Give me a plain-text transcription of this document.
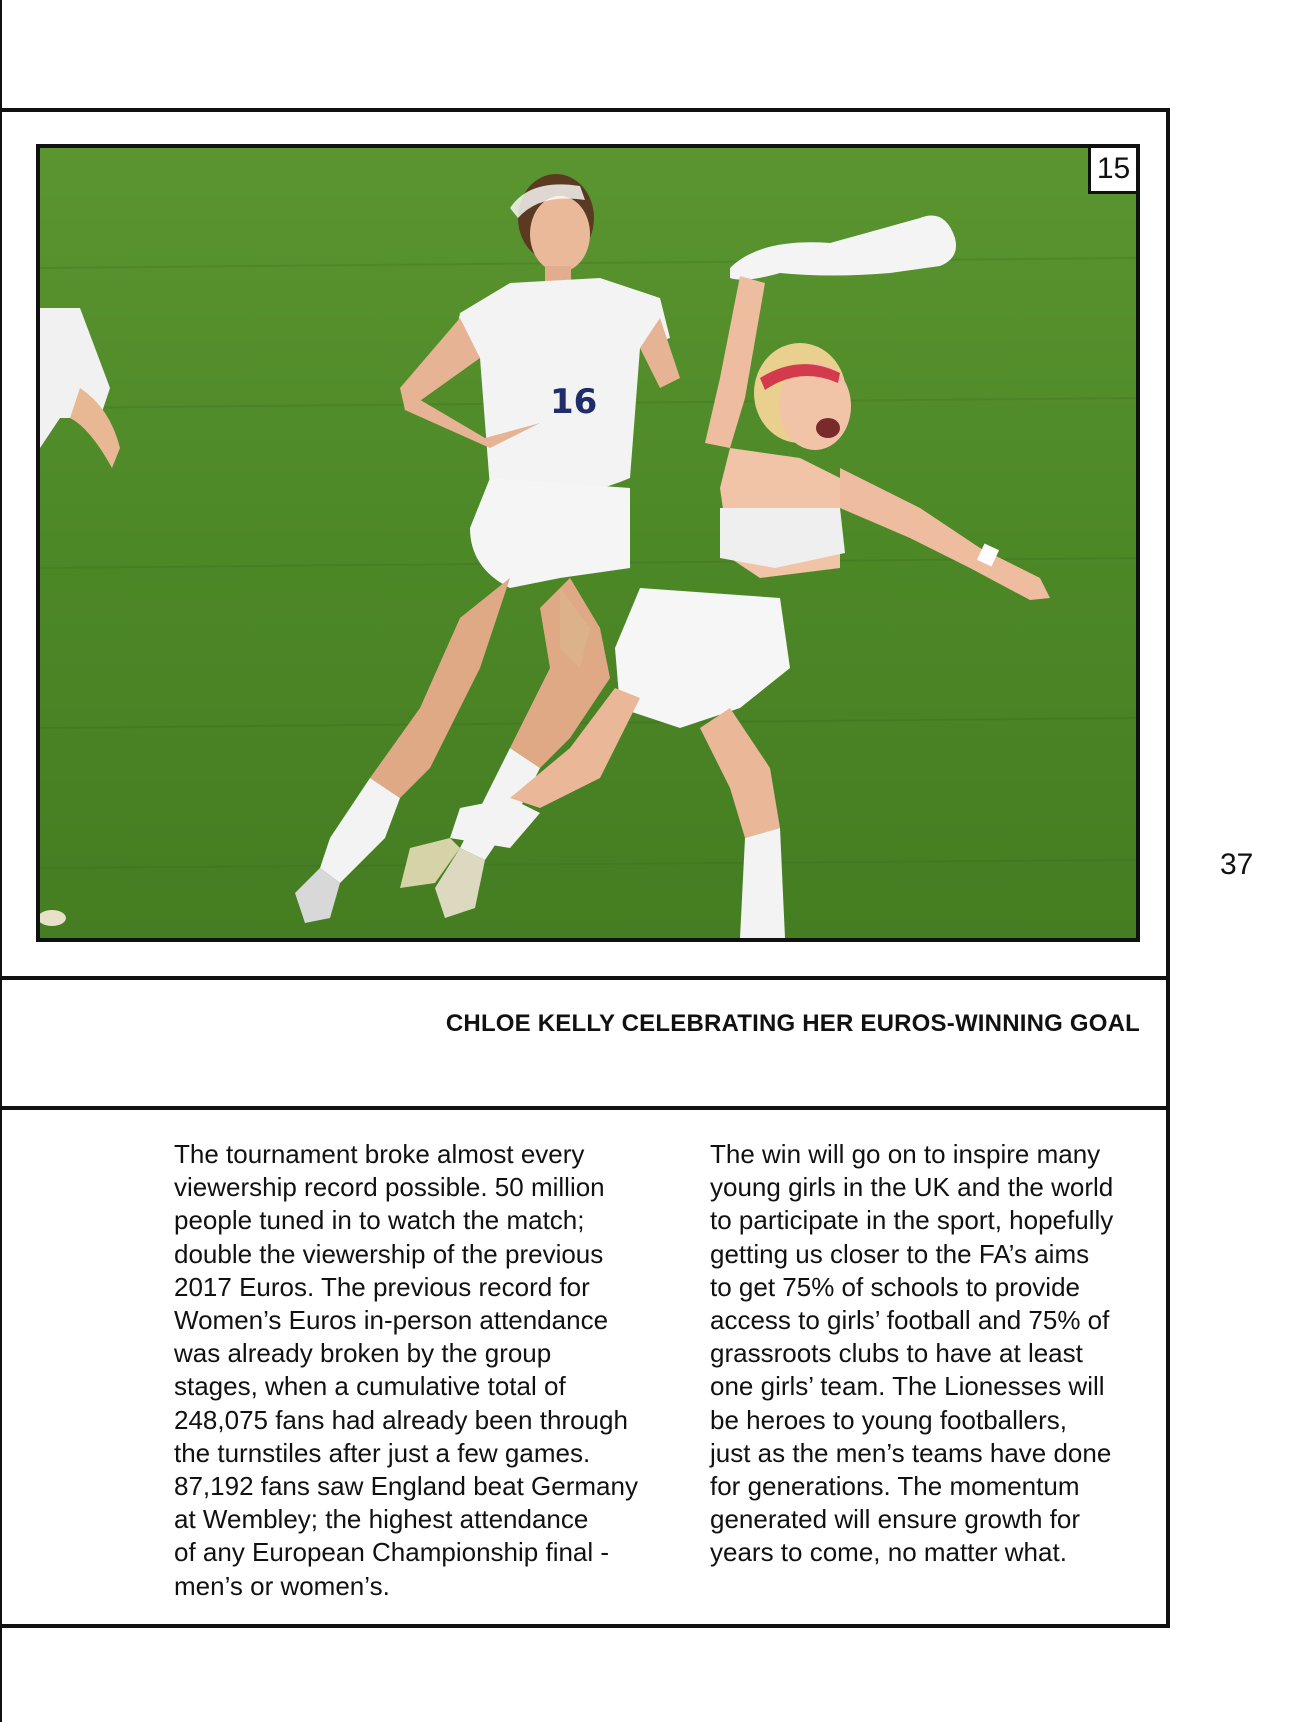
16
15
37
CHLOE KELLY CELEBRATING HER EUROS-WINNING GOAL
The tournament broke almost every
viewership record possible. 50 million
people tuned in to watch the match;
double the viewership of the previous
2017 Euros. The previous record for
Women’s Euros in-person attendance
was already broken by the group
stages, when a cumulative total of
248,075 fans had already been through
the turnstiles after just a few games.
87,192 fans saw England beat Germany
at Wembley; the highest attendance
of any European Championship final -
men’s or women’s.
The win will go on to inspire many
young girls in the UK and the world
to participate in the sport, hopefully
getting us closer to the FA’s aims
to get 75% of schools to provide
access to girls’ football and 75% of
grassroots clubs to have at least
one girls’ team. The Lionesses will
be heroes to young footballers,
just as the men’s teams have done
for generations. The momentum
generated will ensure growth for
years to come, no matter what.
